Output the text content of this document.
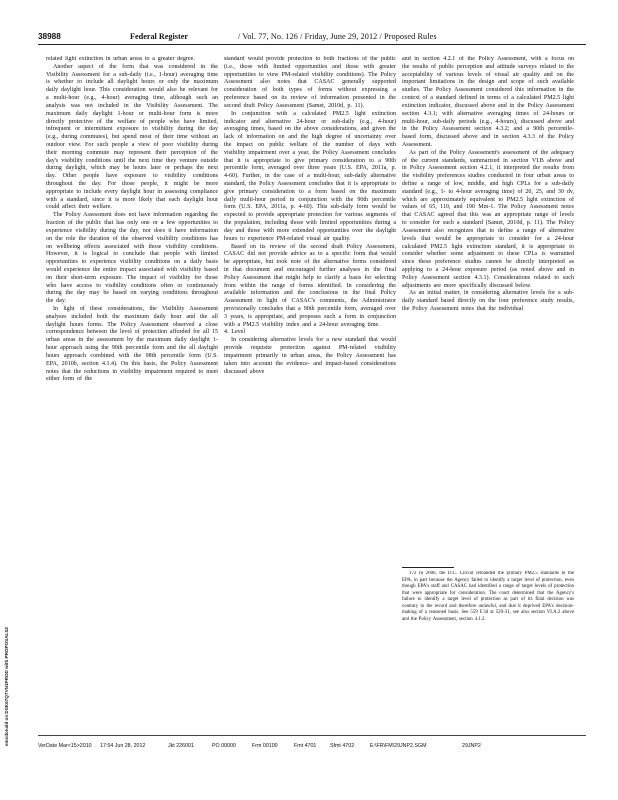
38988	Federal Register	/ Vol. 77, No. 126 / Friday, June 29, 2012 / Proposed Rules

related light extinction in urban areas to a greater degree.

Another aspect of the form that was considered in the Visibility Assessment for a sub-daily (i.e., 1-hour) averaging time is whether to include all daylight hours or only the maximum daily daylight hour. This consideration would also be relevant for a multi-hour (e.g., 4-hour) averaging time, although such an analysis was not included in the Visibility Assessment. The maximum daily daylight 1-hour or multi-hour form is more directly protective of the welfare of people who have limited, infrequent or intermittent exposure to visibility during the day (e.g., during commutes), but spend most of their time without an outdoor view. For such people a view of poor visibility during their morning commute may represent their perception of the day's visibility conditions until the next time they venture outside during daylight, which may be hours later or perhaps the next day. Other people have exposure to visibility conditions throughout the day. For those people, it might be more appropriate to include every daylight hour in assessing compliance with a standard, since it is more likely that each daylight hour could affect their welfare.

The Policy Assessment does not have information regarding the fraction of the public that has only one or a few opportunities to experience visibility during the day, nor does it have information on the role the duration of the observed visibility conditions has on wellbeing effects associated with those visibility conditions. However, it is logical to conclude that people with limited opportunities to experience visibility conditions on a daily basis would experience the entire impact associated with visibility based on their short-term exposure. The impact of visibility for those who have access to visibility conditions often or continuously during the day may be based on varying conditions throughout the day.

In light of these considerations, the Visibility Assessment analyses included both the maximum daily hour and the all daylight hours forms. The Policy Assessment observed a close correspondence between the level of protection afforded for all 15 urban areas in the assessment by the maximum daily daylight 1-hour approach using the 90th percentile form and the all daylight hours approach combined with the 98th percentile form (U.S. EPA, 2010b, section 4.1.4). On this basis, the Policy Assessment notes that the reductions in visibility impairment required to meet either form of the

standard would provide protection to both fractions of the public (i.e., those with limited opportunities and those with greater opportunities to view PM-related visibility conditions). The Policy Assessment also notes that CASAC generally supported consideration of both types of forms without expressing a preference based on its review of information presented in the second draft Policy Assessment (Samet, 2010d, p. 11).

In conjunction with a calculated PM2.5 light extinction indicator and alternative 24-hour or sub-daily (e.g., 4-hour) averaging times, based on the above considerations, and given the lack of information on and the high degree of uncertainty over the impact on public welfare of the number of days with visibility impairment over a year, the Policy Assessment concludes that it is appropriate to give primary consideration to a 90th percentile form, averaged over three years (U.S. EPA, 2011a, p. 4-60). Further, in the case of a multi-hour, sub-daily alternative standard, the Policy Assessment concludes that it is appropriate to give primary consideration to a form based on the maximum daily multi-hour period in conjunction with the 90th percentile form (U.S. EPA, 2011a, p. 4-60). This sub-daily form would be expected to provide appropriate protection for various segments of the population, including those with limited opportunities during a day and those with more extended opportunities over the daylight hours to experience PM-related visual air quality.

Based on its review of the second draft Policy Assessment, CASAC did not provide advice as to a specific form that would be appropriate, but took note of the alternative forms considered in that document and encouraged further analyses in the final Policy Assessment that might help to clarify a basis for selecting from within the range of forms identified. In considering the available information and the conclusions in the final Policy Assessment in light of CASAC's comments, the Administrator provisionally concludes that a 90th percentile form, averaged over 3 years, is appropriate, and proposes such a form in conjunction with a PM2.5 visibility index and a 24-hour averaging time.

4. Level

In considering alternative levels for a new standard that would provide requisite protection against PM-related visibility impairment primarily in urban areas, the Policy Assessment has taken into account the evidence- and impact-based considerations discussed above

and in section 4.2.1 of the Policy Assessment, with a focus on the results of public perception and attitude surveys related to the acceptability of various levels of visual air quality and on the important limitations in the design and scope of such available studies. The Policy Assessment considered this information in the context of a standard defined in terms of a calculated PM2.5 light extinction indicator, discussed above and in the Policy Assessment section 4.3.1; with alternative averaging times of 24-hours or multi-hour, sub-daily periods (e.g., 4-hours), discussed above and in the Policy Assessment section 4.3.2; and a 90th percentile-based form, discussed above and in section 4.3.3 of the Policy Assessment.

As part of the Policy Assessment's assessment of the adequacy of the current standards, summarized in section VI.B above and in Policy Assessment section 4.2.1, it interpreted the results from the visibility preferences studies conducted in four urban areas to define a range of low, middle, and high CPLs for a sub-daily standard (e.g., 1- to 4-hour averaging time) of 20, 25, and 30 dv, which are approximately equivalent to PM2.5 light extinction of values of 65, 110, and 190 Mm-1. The Policy Assessment notes that CASAC agreed that this was an appropriate range of levels to consider for such a standard (Samet, 2010d, p. 11). The Policy Assessment also recognizes that to define a range of alternative levels that would be appropriate to consider for a 24-hour calculated PM2.5 light extinction standard, it is appropriate to consider whether some adjustment to these CPLs is warranted since these preference studies cannot be directly interpreted as applying to a 24-hour exposure period (as noted above and in Policy Assessment section 4.3.1). Considerations related to such adjustments are more specifically discussed below.

As an initial matter, in considering alternative levels for a sub-daily standard based directly on the four preference study results, the Policy Assessment notes that the individual

172 In 2006, the D.C. Circuit remanded the primary PM2.5 standards to the EPA, in part because the Agency failed to identify a target level of protection, even though EPA's staff and CASAC had identified a range of target levels of protection that were appropriate for consideration. The court determined that the Agency's failure to identify a target level of protection as part of its final decision was contrary to the record and therefore unlawful, and that it deprived EPA's decision-making of a reasoned basis. See 559 F.3d at 529-31, see also section VI.A.2 above and the Policy Assessment, section 4.1.2.

VerDate Mar<15>2010 17:54 Jun 28, 2012	Jkt 226001	PO 00000	Frm 00100	Fmt 4701	Sfmt 4702	E:\FR\FM\29JNP2.SGM	29JNP2
emcdonald on DSK67QTVN1PROD with PROPOSALS2
